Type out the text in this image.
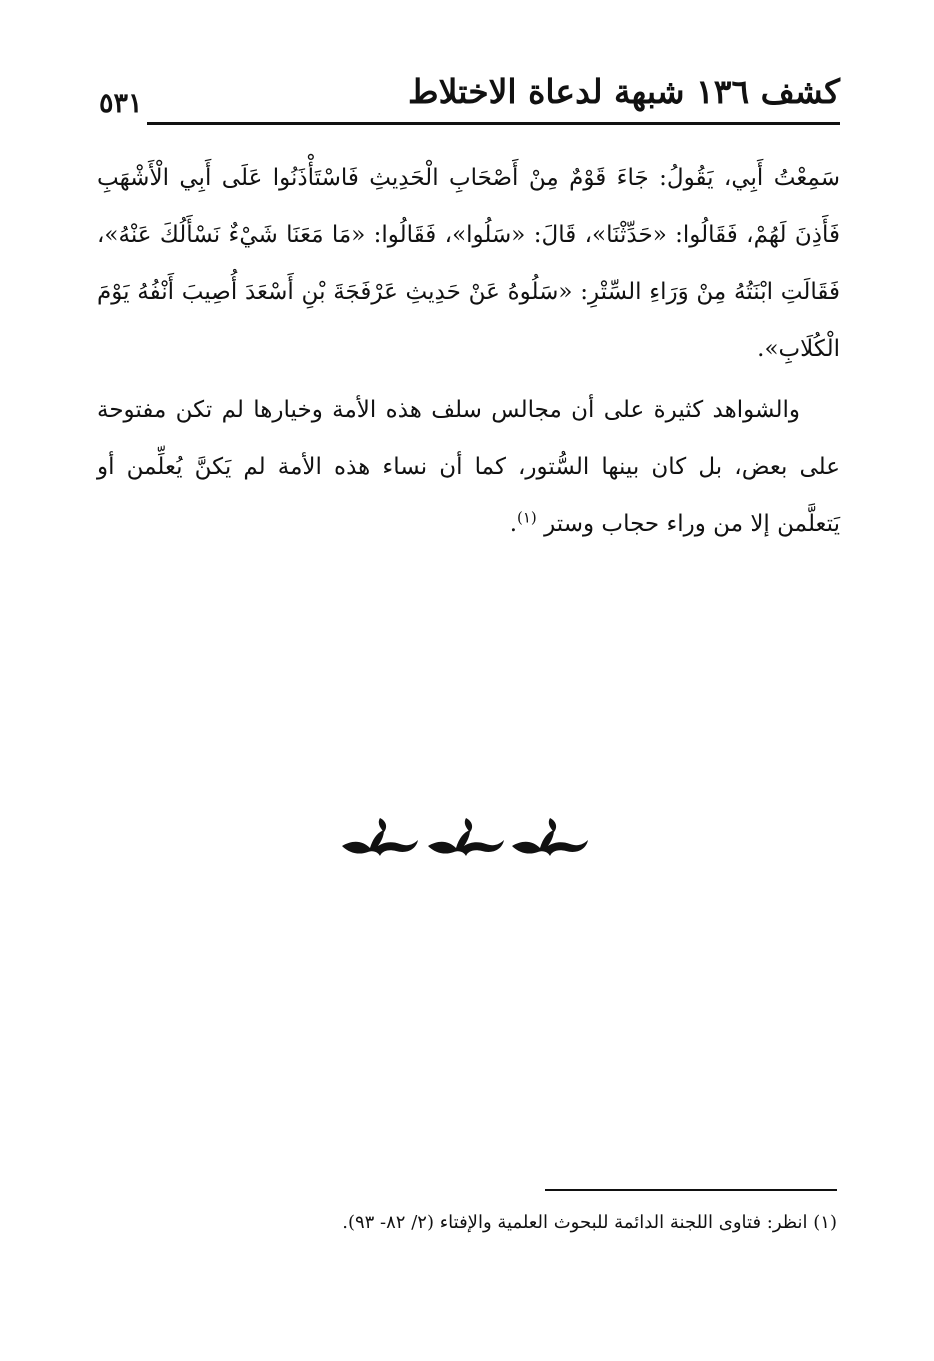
كشف ١٣٦ شبهة لدعاة الاختلاط
٥٣١

سَمِعْتُ أَبِي، يَقُولُ: جَاءَ قَوْمٌ مِنْ أَصْحَابِ الْحَدِيثِ فَاسْتَأْذَنُوا عَلَى أَبِي الْأَشْهَبِ فَأَذِنَ لَهُمْ، فَقَالُوا: «حَدِّثْنَا»، قَالَ: «سَلُوا»، فَقَالُوا: «مَا مَعَنَا شَيْءٌ نَسْأَلُكَ عَنْهُ»، فَقَالَتِ ابْنَتُهُ مِنْ وَرَاءِ السِّتْرِ: «سَلُوهُ عَنْ حَدِيثِ عَرْفَجَةَ بْنِ أَسْعَدَ أُصِيبَ أَنْفُهُ يَوْمَ الْكُلَابِ».

والشواهد كثيرة على أن مجالس سلف هذه الأمة وخيارها لم تكن مفتوحة على بعض، بل كان بينها السُّتور، كما أن نساء هذه الأمة لم يَكنَّ يُعلِّمن أو يَتعلَّمن إلا من وراء حجاب وستر $^{(١)}$.

(١) انظر: فتاوى اللجنة الدائمة للبحوث العلمية والإفتاء (٢/ ٨٢- ٩٣).
